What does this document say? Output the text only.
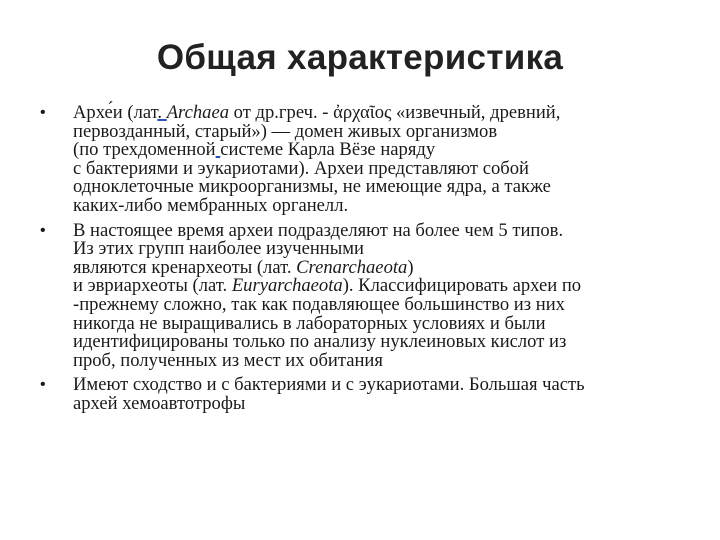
Общая характеристика
• Архе́и (лат. Archaea от др.греч. - ἀρχαῖος «извечный, древний,
первозданный, старый») — домен живых организмов
(по трехдоменной системе Карла Вёзе наряду
с бактериями и эукариотами). Археи представляют собой
одноклеточные микроорганизмы, не имеющие ядра, а также
каких-либо мембранных органелл.
• В настоящее время археи подразделяют на более чем 5 типов.
Из этих групп наиболее изученными
являются кренархеоты (лат. Crenarchaeota)
и эвриархеоты (лат. Euryarchaeota). Классифицировать археи по
-прежнему сложно, так как подавляющее большинство из них
никогда не выращивались в лабораторных условиях и были
идентифицированы только по анализу нуклеиновых кислот из
проб, полученных из мест их обитания
• Имеют сходство и с бактериями и с эукариотами. Большая часть
архей хемоавтотрофы
